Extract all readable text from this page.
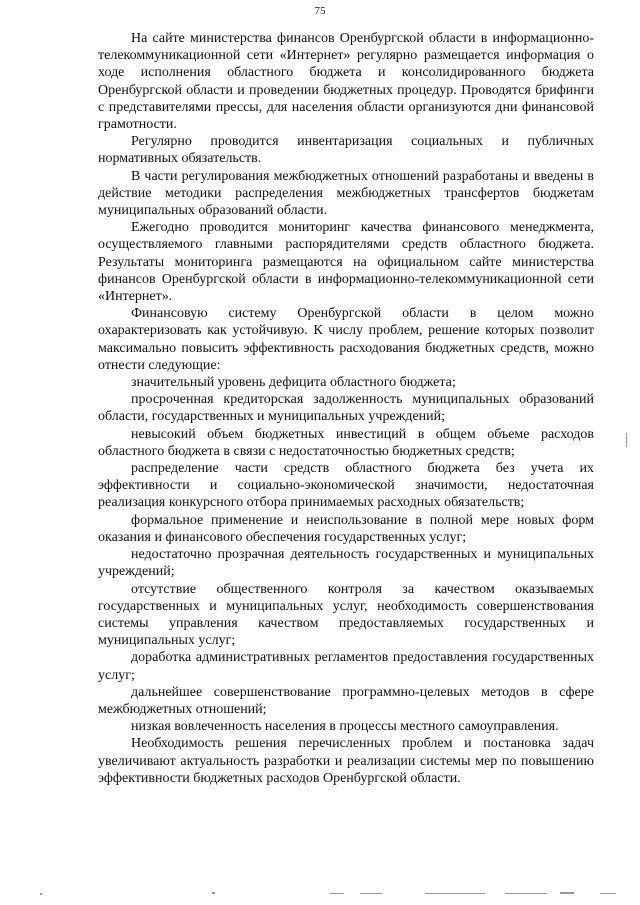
75

На сайте министерства финансов Оренбургской области в информационно-телекоммуникационной сети «Интернет» регулярно размещается информация о ходе исполнения областного бюджета и консолидированного бюджета Оренбургской области и проведении бюджетных процедур. Проводятся брифинги с представителями прессы, для населения области организуются дни финансовой грамотности.

Регулярно проводится инвентаризация социальных и публичных нормативных обязательств.

В части регулирования межбюджетных отношений разработаны и введены в действие методики распределения межбюджетных трансфертов бюджетам муниципальных образований области.

Ежегодно проводится мониторинг качества финансового менеджмента, осуществляемого главными распорядителями средств областного бюджета. Результаты мониторинга размещаются на официальном сайте министерства финансов Оренбургской области в информационно-телекоммуникационной сети «Интернет».

Финансовую систему Оренбургской области в целом можно охарактеризовать как устойчивую. К числу проблем, решение которых позволит максимально повысить эффективность расходования бюджетных средств, можно отнести следующие:

значительный уровень дефицита областного бюджета;

просроченная кредиторская задолженность муниципальных образований области, государственных и муниципальных учреждений;

невысокий объем бюджетных инвестиций в общем объеме расходов областного бюджета в связи с недостаточностью бюджетных средств;

распределение части средств областного бюджета без учета их эффективности и социально-экономической значимости, недостаточная реализация конкурсного отбора принимаемых расходных обязательств;

формальное применение и неиспользование в полной мере новых форм оказания и финансового обеспечения государственных услуг;

недостаточно прозрачная деятельность государственных и муниципальных учреждений;

отсутствие общественного контроля за качеством оказываемых государственных и муниципальных услуг, необходимость совершенствования системы управления качеством предоставляемых государственных и муниципальных услуг;

доработка административных регламентов предоставления государственных услуг;

дальнейшее совершенствование программно-целевых методов в сфере межбюджетных отношений;

низкая вовлеченность населения в процессы местного самоуправления.

Необходимость решения перечисленных проблем и постановка задач увеличивают актуальность разработки и реализации системы мер по повышению эффективности бюджетных расходов Оренбургской области.
